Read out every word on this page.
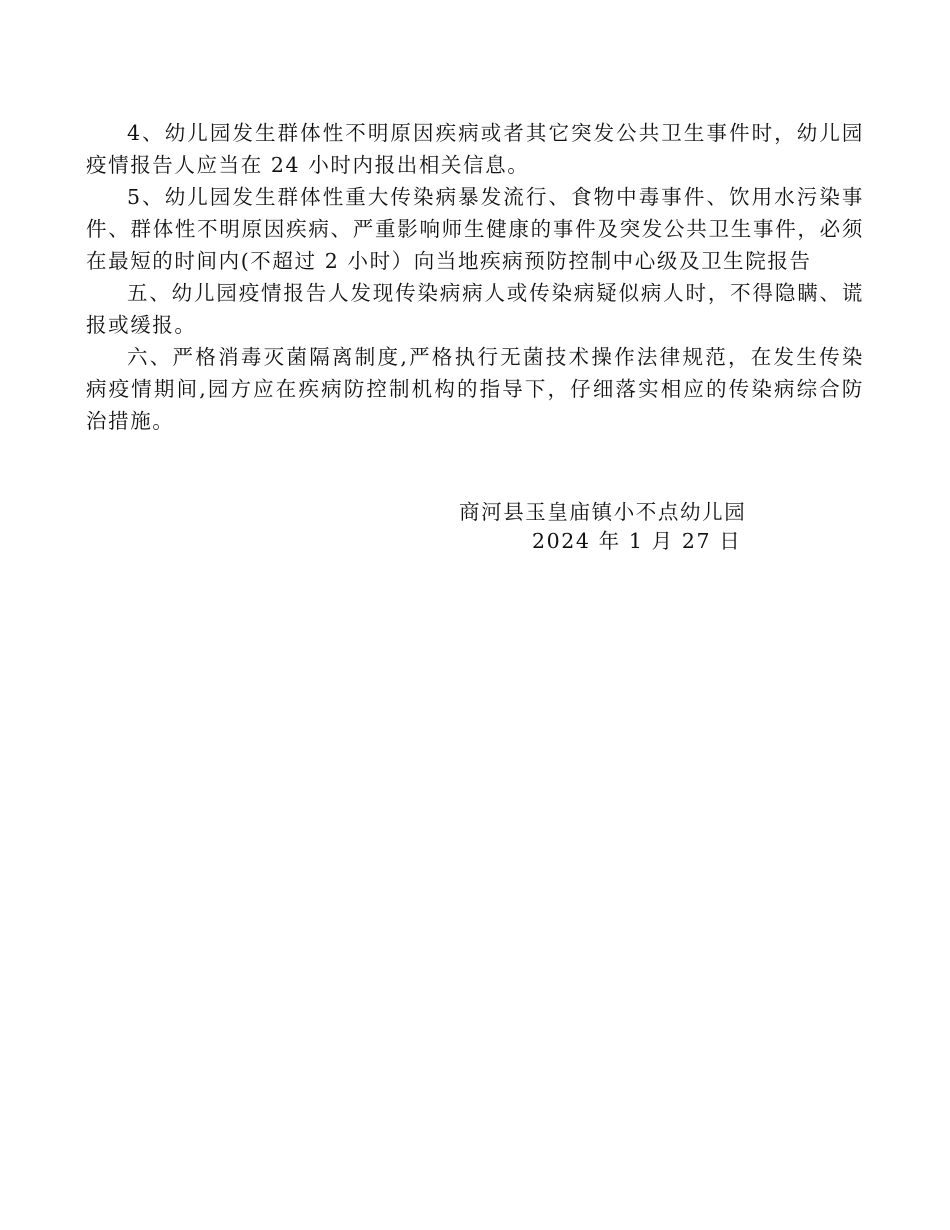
4、幼儿园发生群体性不明原因疾病或者其它突发公共卫生事件时，幼儿园疫情报告人应当在 24 小时内报出相关信息。

5、幼儿园发生群体性重大传染病暴发流行、食物中毒事件、饮用水污染事件、群体性不明原因疾病、严重影响师生健康的事件及突发公共卫生事件，必须在最短的时间内(不超过 2 小时）向当地疾病预防控制中心级及卫生院报告

五、幼儿园疫情报告人发现传染病病人或传染病疑似病人时，不得隐瞒、谎报或缓报。

六、严格消毒灭菌隔离制度,严格执行无菌技术操作法律规范，在发生传染病疫情期间,园方应在疾病防控制机构的指导下，仔细落实相应的传染病综合防治措施。

商河县玉皇庙镇小不点幼儿园
2024 年 1 月 27 日
